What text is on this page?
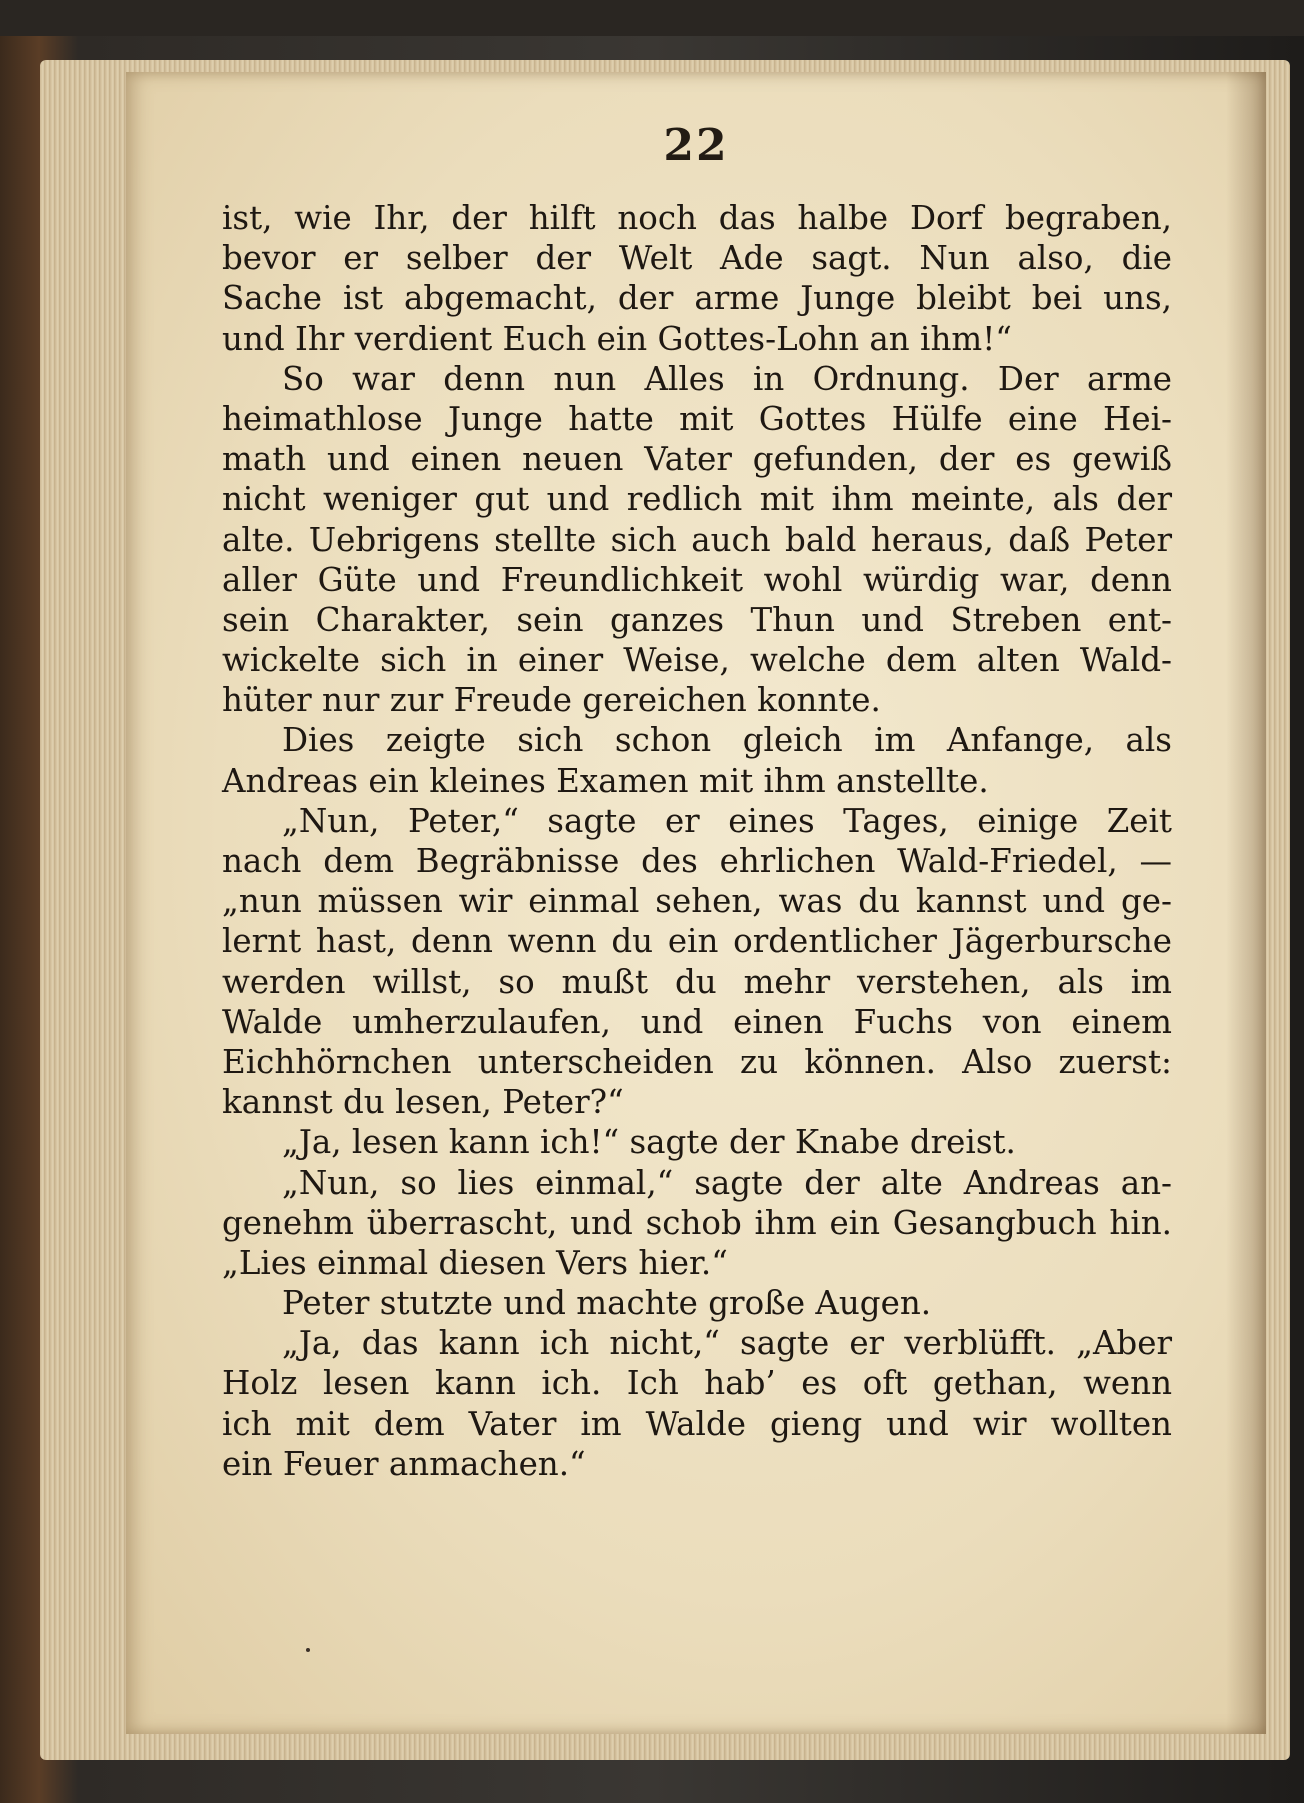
22
ist, wie Ihr, der hilft noch das halbe Dorf begraben,
bevor er selber der Welt Ade sagt. Nun also, die
Sache ist abgemacht, der arme Junge bleibt bei uns,
und Ihr verdient Euch ein Gottes-Lohn an ihm!“
So war denn nun Alles in Ordnung. Der arme
heimathlose Junge hatte mit Gottes Hülfe eine Hei-
math und einen neuen Vater gefunden, der es gewiß
nicht weniger gut und redlich mit ihm meinte, als der
alte. Uebrigens stellte sich auch bald heraus, daß Peter
aller Güte und Freundlichkeit wohl würdig war, denn
sein Charakter, sein ganzes Thun und Streben ent-
wickelte sich in einer Weise, welche dem alten Wald-
hüter nur zur Freude gereichen konnte.
Dies zeigte sich schon gleich im Anfange, als
Andreas ein kleines Examen mit ihm anstellte.
„Nun, Peter,“ sagte er eines Tages, einige Zeit
nach dem Begräbnisse des ehrlichen Wald-Friedel, —
„nun müssen wir einmal sehen, was du kannst und ge-
lernt hast, denn wenn du ein ordentlicher Jägerbursche
werden willst, so mußt du mehr verstehen, als im
Walde umherzulaufen, und einen Fuchs von einem
Eichhörnchen unterscheiden zu können. Also zuerst:
kannst du lesen, Peter?“
„Ja, lesen kann ich!“ sagte der Knabe dreist.
„Nun, so lies einmal,“ sagte der alte Andreas an-
genehm überrascht, und schob ihm ein Gesangbuch hin.
„Lies einmal diesen Vers hier.“
Peter stutzte und machte große Augen.
„Ja, das kann ich nicht,“ sagte er verblüfft. „Aber
Holz lesen kann ich. Ich hab’ es oft gethan, wenn
ich mit dem Vater im Walde gieng und wir wollten
ein Feuer anmachen.“
